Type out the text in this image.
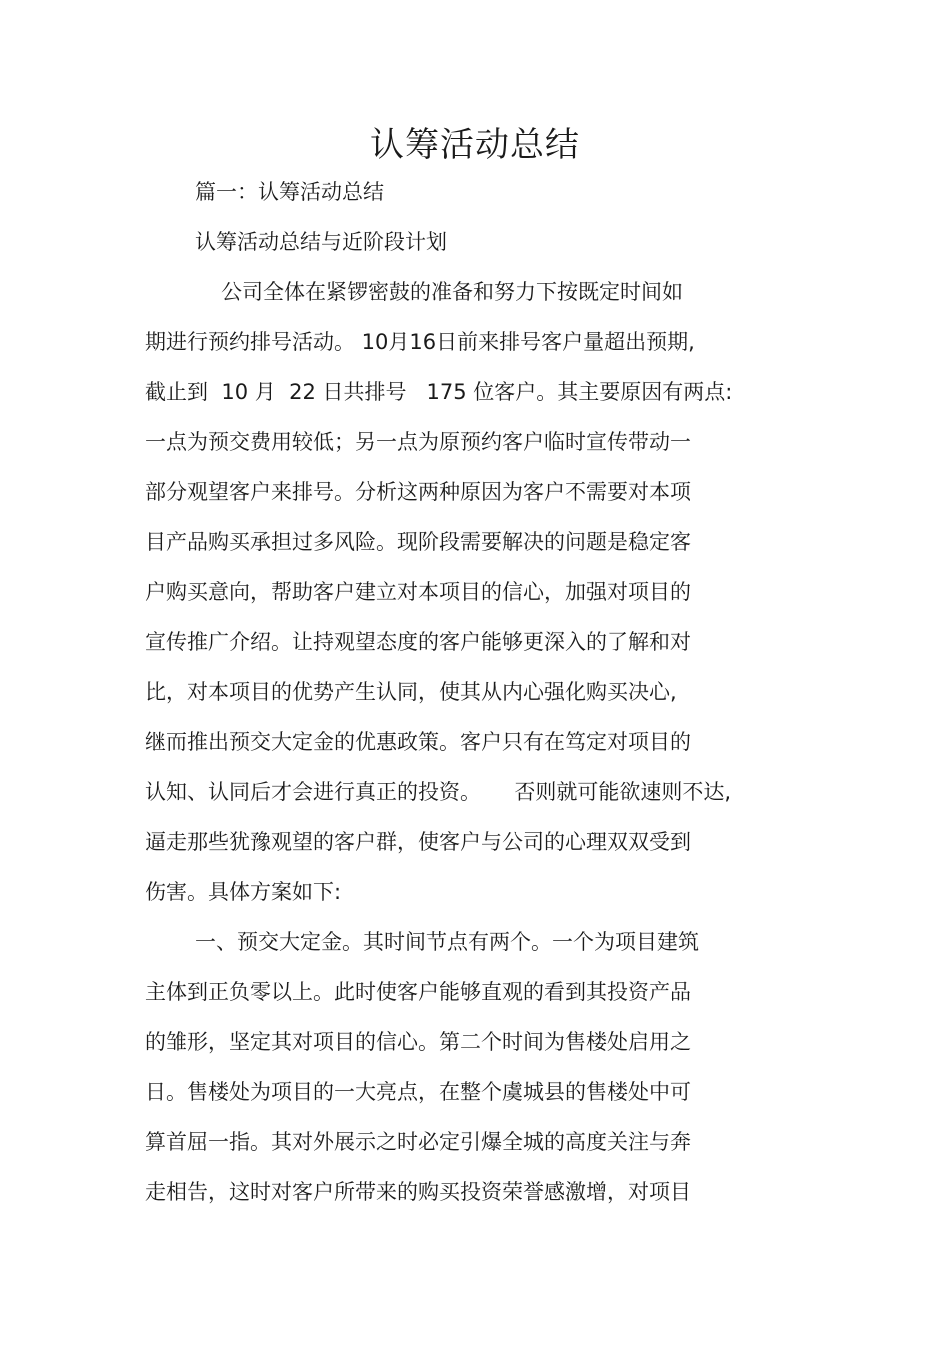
认筹活动总结

篇一：认筹活动总结

认筹活动总结与近阶段计划

公司全体在紧锣密鼓的准备和努力下按既定时间如

期进行预约排号活动。 10月16日前来排号客户量超出预期,

截止到  10 月  22 日共排号   175 位客户。其主要原因有两点:

一点为预交费用较低；另一点为原预约客户临时宣传带动一

部分观望客户来排号。分析这两种原因为客户不需要对本项

目产品购买承担过多风险。现阶段需要解决的问题是稳定客

户购买意向，帮助客户建立对本项目的信心，加强对项目的

宣传推广介绍。让持观望态度的客户能够更深入的了解和对

比，对本项目的优势产生认同，使其从内心强化购买决心,

继而推出预交大定金的优惠政策。客户只有在笃定对项目的

认知、认同后才会进行真正的投资。     否则就可能欲速则不达,

逼走那些犹豫观望的客户群，使客户与公司的心理双双受到

伤害。具体方案如下:

一、预交大定金。其时间节点有两个。一个为项目建筑

主体到正负零以上。此时使客户能够直观的看到其投资产品

的雏形，坚定其对项目的信心。第二个时间为售楼处启用之

日。售楼处为项目的一大亮点，在整个虞城县的售楼处中可

算首屈一指。其对外展示之时必定引爆全城的高度关注与奔

走相告，这时对客户所带来的购买投资荣誉感激增，对项目
